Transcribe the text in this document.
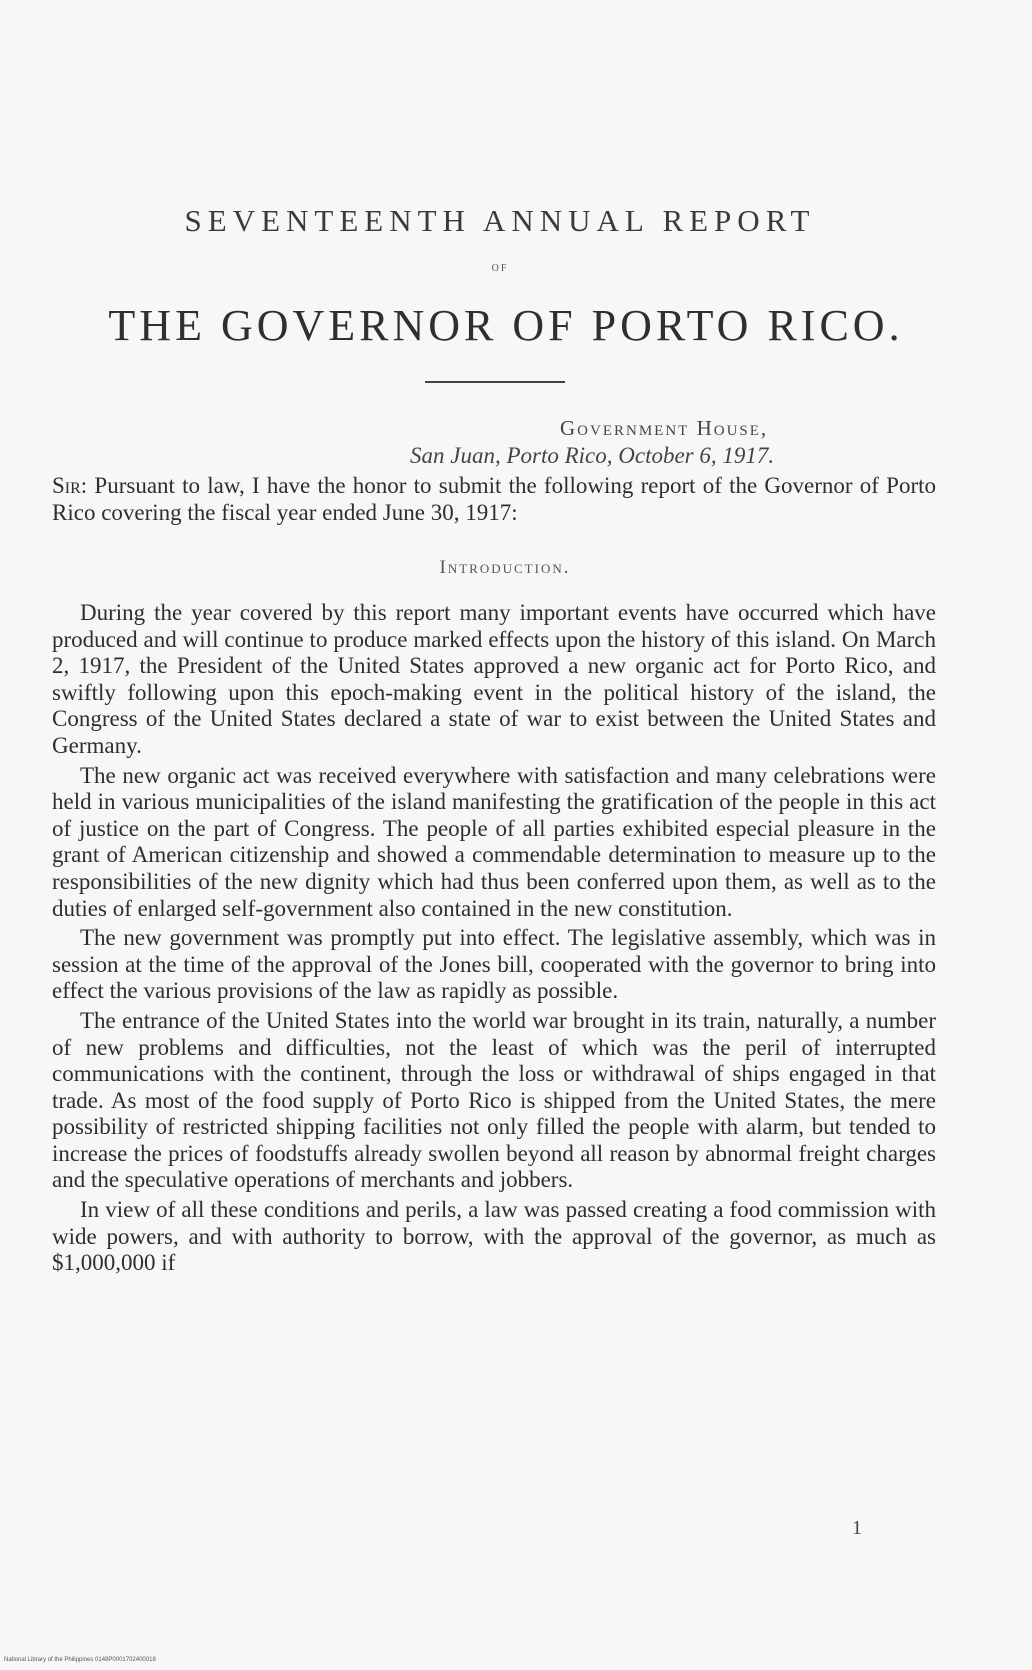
SEVENTEENTH ANNUAL REPORT
OF
THE GOVERNOR OF PORTO RICO.
Government House,
San Juan, Porto Rico, October 6, 1917.
Sir: Pursuant to law, I have the honor to submit the following report of the Governor of Porto Rico covering the fiscal year ended June 30, 1917:
Introduction.

During the year covered by this report many important events have occurred which have produced and will continue to produce marked effects upon the history of this island. On March 2, 1917, the President of the United States approved a new organic act for Porto Rico, and swiftly following upon this epoch-making event in the political history of the island, the Congress of the United States declared a state of war to exist between the United States and Germany.

The new organic act was received everywhere with satisfaction and many celebrations were held in various municipalities of the island manifesting the gratification of the people in this act of justice on the part of Congress. The people of all parties exhibited especial pleasure in the grant of American citizenship and showed a commendable determination to measure up to the responsibilities of the new dignity which had thus been conferred upon them, as well as to the duties of enlarged self-government also contained in the new constitution.

The new government was promptly put into effect. The legislative assembly, which was in session at the time of the approval of the Jones bill, cooperated with the governor to bring into effect the various provisions of the law as rapidly as possible.

The entrance of the United States into the world war brought in its train, naturally, a number of new problems and difficulties, not the least of which was the peril of interrupted communications with the continent, through the loss or withdrawal of ships engaged in that trade. As most of the food supply of Porto Rico is shipped from the United States, the mere possibility of restricted shipping facilities not only filled the people with alarm, but tended to increase the prices of foodstuffs already swollen beyond all reason by abnormal freight charges and the speculative operations of merchants and jobbers.

In view of all these conditions and perils, a law was passed creating a food commission with wide powers, and with authority to borrow, with the approval of the governor, as much as $1,000,000 if

1
National Library of the Philippines 0148P0001702400018
